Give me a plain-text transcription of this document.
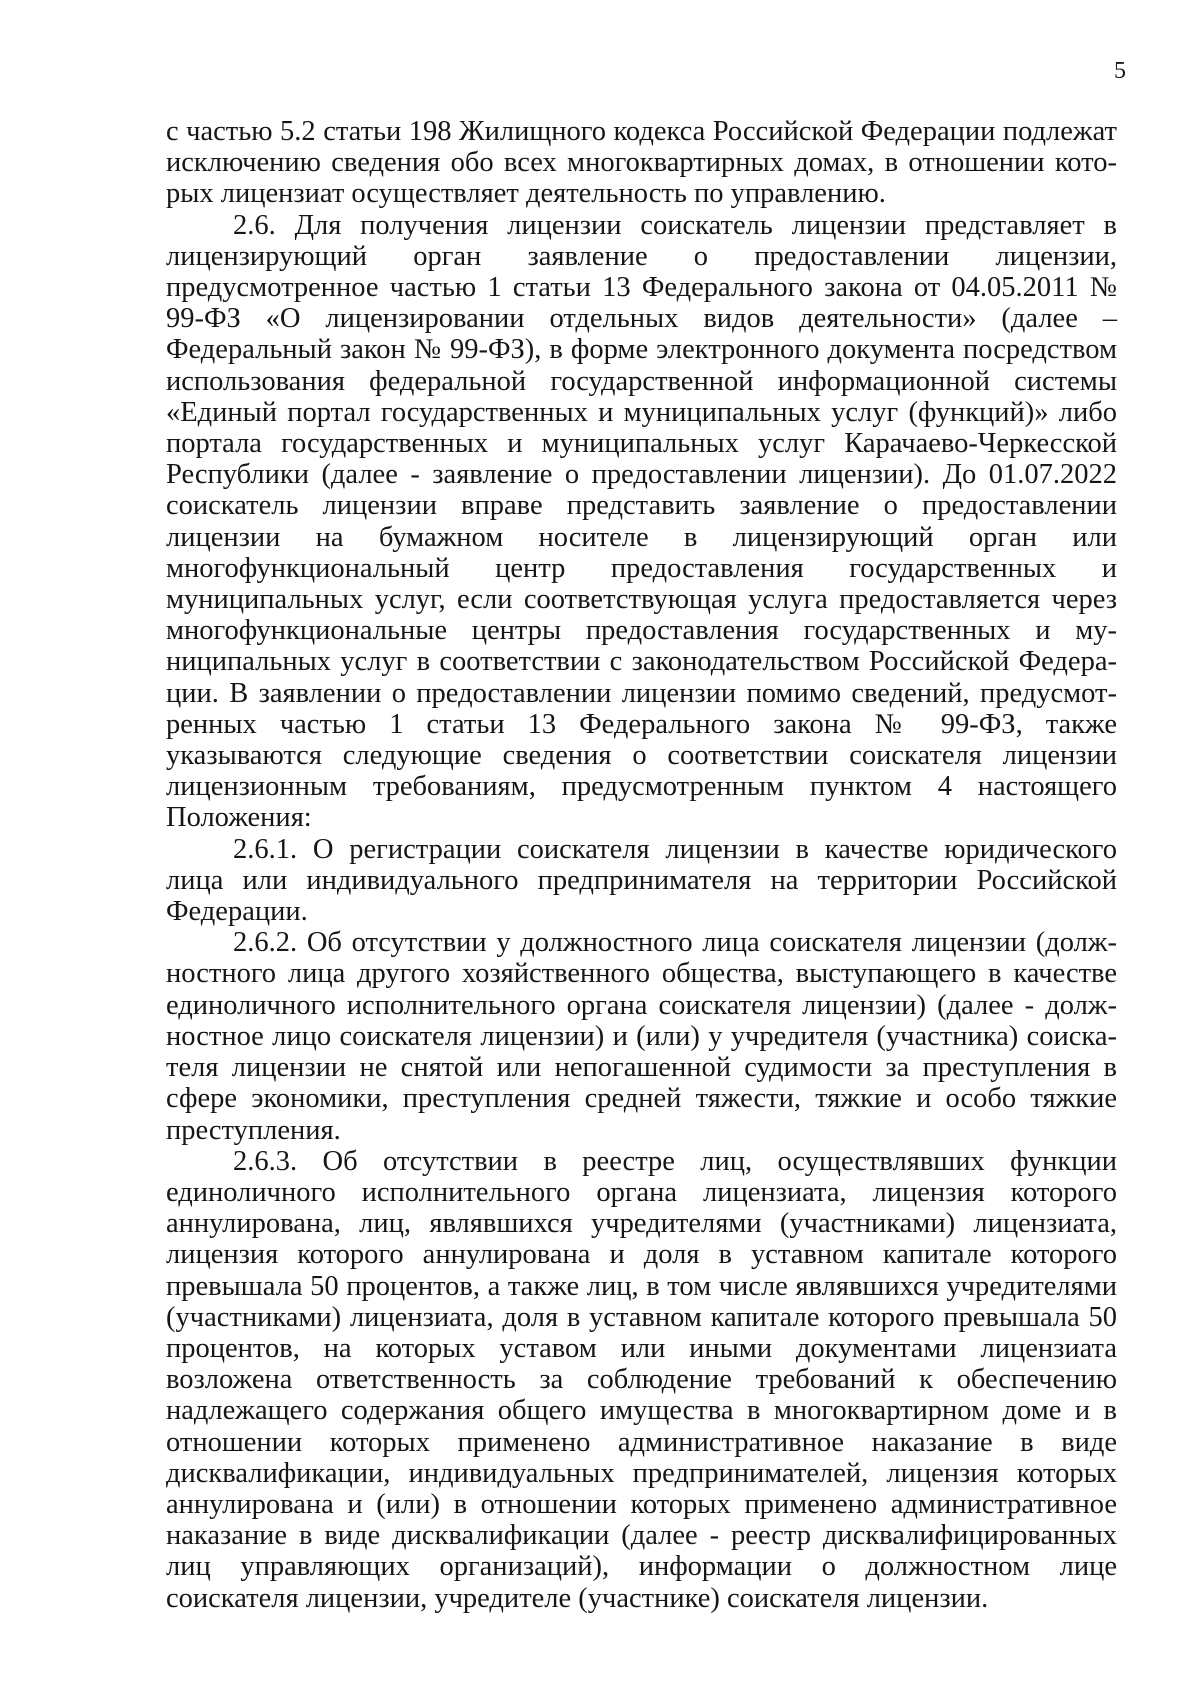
5

с частью 5.2 статьи 198 Жилищного кодекса Российской Федерации подлежат исключению сведения обо всех многоквартирных домах, в отношении которых лицензиат осуществляет деятельность по управлению.

2.6. Для получения лицензии соискатель лицензии представляет в лицензирующий орган заявление о предоставлении лицензии, предусмотренное частью 1 статьи 13 Федерального закона от 04.05.2011 № 99-ФЗ «О лицензировании отдельных видов деятельности» (далее – Федеральный закон № 99-ФЗ), в форме электронного документа посредством использования федеральной государственной информационной системы «Единый портал государственных и муниципальных услуг (функций)» либо портала государственных и муниципальных услуг Карачаево-Черкесской Республики (далее - заявление о предоставлении лицензии). До 01.07.2022 соискатель лицензии вправе представить заявление о предоставлении лицензии на бумажном носителе в лицензирующий орган или многофункциональный центр предоставления государственных и муниципальных услуг, если соответствующая услуга предоставляется через многофункциональные центры предоставления государственных и муниципальных услуг в соответствии с законодательством Российской Федерации. В заявлении о предоставлении лицензии помимо сведений, предусмотренных частью 1 статьи 13 Федерального закона № 99-ФЗ, также указываются следующие сведения о соответствии соискателя лицензии лицензионным требованиям, предусмотренным пунктом 4 настоящего Положения:

2.6.1. О регистрации соискателя лицензии в качестве юридического лица или индивидуального предпринимателя на территории Российской Федерации.

2.6.2. Об отсутствии у должностного лица соискателя лицензии (должностного лица другого хозяйственного общества, выступающего в качестве единоличного исполнительного органа соискателя лицензии) (далее - должностное лицо соискателя лицензии) и (или) у учредителя (участника) соискателя лицензии не снятой или непогашенной судимости за преступления в сфере экономики, преступления средней тяжести, тяжкие и особо тяжкие преступления.

2.6.3. Об отсутствии в реестре лиц, осуществлявших функции единоличного исполнительного органа лицензиата, лицензия которого аннулирована, лиц, являвшихся учредителями (участниками) лицензиата, лицензия которого аннулирована и доля в уставном капитале которого превышала 50 процентов, а также лиц, в том числе являвшихся учредителями (участниками) лицензиата, доля в уставном капитале которого превышала 50 процентов, на которых уставом или иными документами лицензиата возложена ответственность за соблюдение требований к обеспечению надлежащего содержания общего имущества в многоквартирном доме и в отношении которых применено административное наказание в виде дисквалификации, индивидуальных предпринимателей, лицензия которых аннулирована и (или) в отношении которых применено административное наказание в виде дисквалификации (далее - реестр дисквалифицированных лиц управляющих организаций), информации о должностном лице соискателя лицензии, учредителе (участнике) соискателя лицензии.
